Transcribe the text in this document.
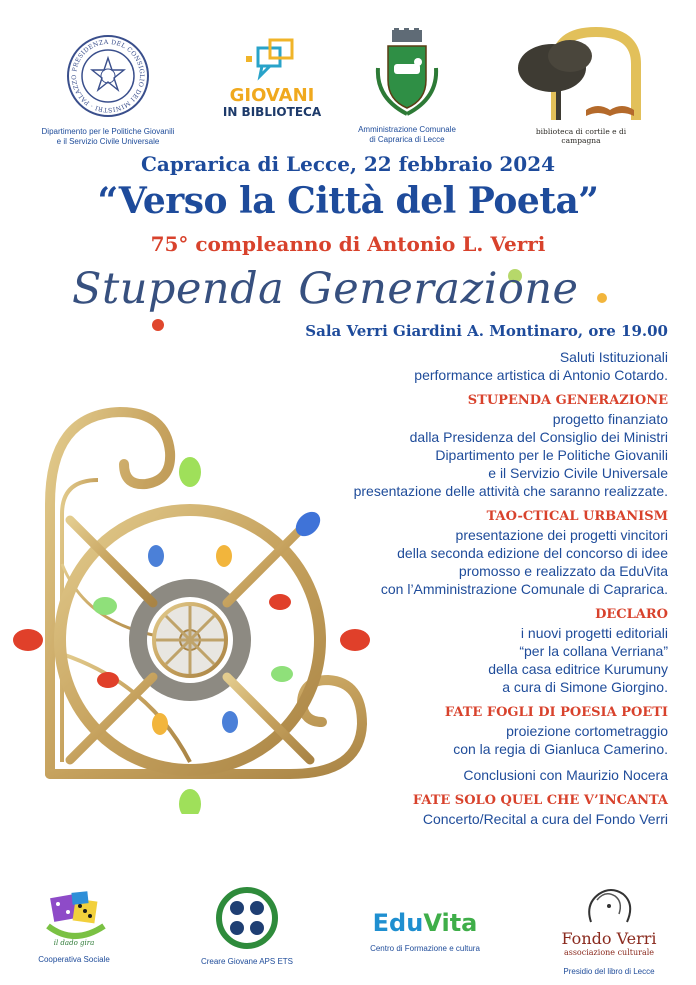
PRESIDENZA DEL CONSIGLIO DEI MINISTRI · PALAZZO
Dipartimento per le Politiche Giovanili
e il Servizio Civile Universale
GIOVANI
IN BIBLIOTECA
Amministrazione Comunale
di Caprarica di Lecce
biblioteca di cortile e di campagna
Caprarica di Lecce, 22 febbraio 2024
“Verso la Città del Poeta”
75° compleanno di Antonio L. Verri
Stupenda Generazione
Sala Verri Giardini A. Montinaro, ore 19.00
Saluti Istituzionali
performance artistica di Antonio Cotardo.
STUPENDA GENERAZIONE
progetto finanziato
dalla Presidenza del Consiglio dei Ministri
Dipartimento per le Politiche Giovanili
e il Servizio Civile Universale
presentazione delle attività che saranno realizzate.
TAO-CTICAL URBANISM
presentazione dei progetti vincitori
della seconda edizione del concorso di idee
promosso e realizzato da EduVita
con l’Amministrazione Comunale di Caprarica.
DECLARO
i nuovi progetti editoriali
“per la collana Verriana”
della casa editrice Kurumuny
a cura di Simone Giorgino.
FATE FOGLI DI POESIA POETI
proiezione cortometraggio
con la regia di Gianluca Camerino.
Conclusioni con Maurizio Nocera
FATE SOLO QUEL CHE V’INCANTA
Concerto/Recital a cura del Fondo Verri
il dado gira
Cooperativa Sociale	Creare Giovane APS ETS
EduVita
Centro di Formazione e cultura
Fondo Verri
associazione culturale
Presidio del libro di Lecce
